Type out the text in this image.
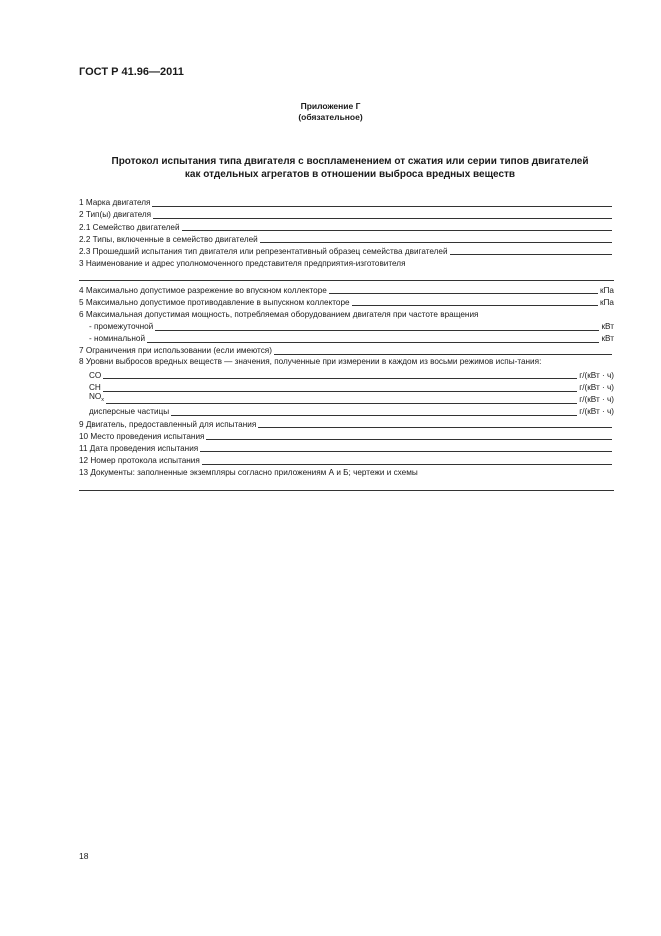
ГОСТ Р 41.96—2011
Приложение Г
(обязательное)
Протокол испытания типа двигателя с воспламенением от сжатия или серии типов двигателей
как отдельных агрегатов в отношении выброса вредных веществ
1 Марка двигателя
2 Тип(ы) двигателя
2.1 Семейство двигателей
2.2 Типы, включенные в семейство двигателей
2.3 Прошедший испытания тип двигателя или репрезентативный образец семейства двигателей
3 Наименование и адрес уполномоченного представителя предприятия-изготовителя
4 Максимально допустимое разрежение во впускном коллекторе	кПа
5 Максимально допустимое противодавление в выпускном коллекторе	кПа
6 Максимальная допустимая мощность, потребляемая оборудованием двигателя при частоте вращения
- промежуточной	кВт
- номинальной	кВт
7 Ограничения при использовании (если имеются)
8 Уровни выбросов вредных веществ — значения, полученные при измерении в каждом из восьми режимов испы-тания:
CO	г/(кВт · ч)
CH	г/(кВт · ч)
$NO_x$	г/(кВт · ч)
дисперсные частицы	г/(кВт · ч)
9 Двигатель, предоставленный для испытания
10 Место проведения испытания
11 Дата проведения испытания
12 Номер протокола испытания
13 Документы: заполненные экземпляры согласно приложениям А и Б; чертежи и схемы
18
